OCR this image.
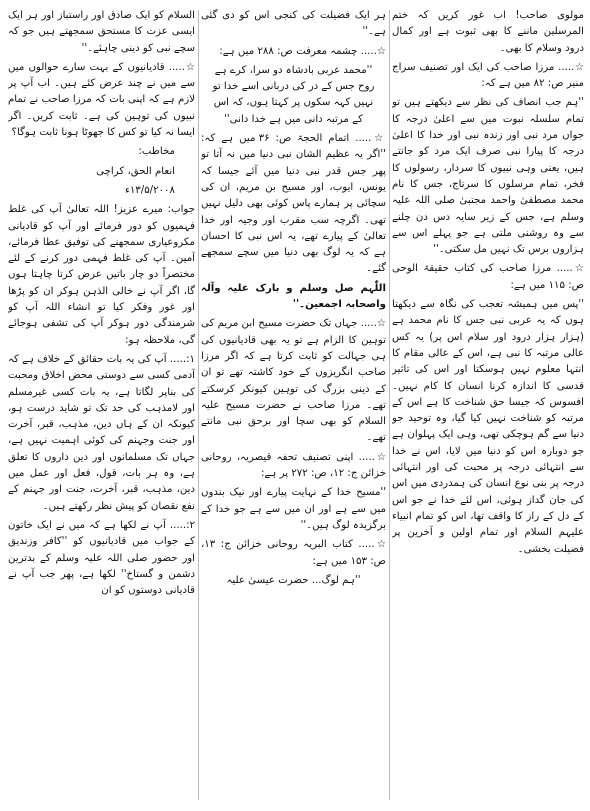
مولوی صاحب! اب غور کریں کہ ختم المرسلین ماننے کا بھی ثبوت ہے اور کمال درود وسلام کا بھی۔

☆..... مرزا صاحب کی ایک اور تصنیف سراج منیر ص: ۸۲ میں ہے کہ:

''ہم جب انصاف کی نظر سے دیکھتے ہیں تو تمام سلسلہ نبوت میں سے اعلیٰ درجہ کا جواں مرد نبی اور زندہ نبی اور خدا کا اعلیٰ درجہ کا پیارا نبی صرف ایک مرد کو جانتے ہیں، یعنی وہی نبیوں کا سردار، رسولوں کا فخر، تمام مرسلوں کا سرتاج، جس کا نام محمد مصطفیٰ واحمد مجتبیٰ صلی اللہ علیہ وسلم ہے، جس کے زیر سایہ دس دن چلنے سے وہ روشنی ملتی ہے جو پہلے اس سے ہزاروں برس تک نہیں مل سکتی۔''

☆..... مرزا صاحب کی کتاب حقیقۃ الوحی ص: ۱۱۵ میں ہے:

''پس میں ہمیشہ تعجب کی نگاہ سے دیکھتا ہوں کہ یہ عربی نبی جس کا نام محمد ہے (ہزار ہزار درود اور سلام اس پر) یہ کس عالی مرتبہ کا نبی ہے، اس کے عالی مقام کا انتہا معلوم نہیں ہوسکتا اور اس کی تاثیر قدسی کا اندازہ کرنا انسان کا کام نہیں۔ افسوس کہ جیسا حق شناخت کا ہے اس کے مرتبہ کو شناخت نہیں کیا گیا، وہ توحید جو دنیا سے گم ہوچکی تھی، وہی ایک پہلوان ہے جو دوبارہ اس کو دنیا میں لایا، اس نے خدا سے انتہائی درجہ پر محبت کی اور انتہائی درجہ پر بنی نوع انسان کی ہمدردی میں اس کی جان گداز ہوئی، اس لئے خدا نے جو اس کے دل کے راز کا واقف تھا، اس کو تمام انبیاء علیہم السلام اور تمام اولین و آخرین پر فضیلت بخشی۔

ہر ایک فضیلت کی کنجی اس کو دی گئی ہے۔''

☆..... چشمہ معرفت ص: ۲۸۸ میں ہے:

''محمد عربی بادشاہ دو سرا، کرے ہے روح جس کے در کی دربانی اسے خدا تو نہیں کہہ سکوں پر کہتا ہوں، کہ اس کے مرتبہ دانی میں ہے خدا دانی''

☆..... اتمام الحجۃ ص: ۳۶ میں ہے کہ: ''اگر یہ عظیم الشان نبی دنیا میں نہ آتا تو پھر جس قدر نبی دنیا میں آئے جیسا کہ یونس، ایوب، اور مسیح بن مریم، ان کی سچائی پر ہمارے پاس کوئی بھی دلیل نہیں تھی۔ اگرچہ سب مقرب اور وجیہ اور خدا تعالیٰ کے پیارے تھے، یہ اس نبی کا احسان ہے کہ یہ لوگ بھی دنیا میں سچے سمجھے گئے۔

اللّٰہم صل وسلم و بارک علیہ وآلہ واصحابہ اجمعین۔''

☆..... جہاں تک حضرت مسیح ابن مریم کی توہین کا الزام ہے تو یہ بھی قادیانیوں کی ہی جہالت کو ثابت کرتا ہے کہ اگر مرزا صاحب انگریزوں کے خود کاشتہ تھے تو ان کے دینی بزرگ کی توہین کیونکر کرسکتے تھے۔ مرزا صاحب نے حضرت مسیح علیہ السلام کو بھی سچا اور برحق نبی مانتے تھے۔

☆..... اپنی تصنیف تحفہ قیصریہ، روحانی خزائن ج: ۱۲، ص: ۲۷۲ پر ہے:

''مسیح خدا کے نہایت پیارے اور نیک بندوں میں سے ہے اور ان میں سے ہے جو خدا کے برگزیدہ لوگ ہیں۔''

☆..... کتاب البریہ روحانی خزائن ج: ۱۳، ص: ۱۵۳ میں ہے:

''ہم لوگ... حضرت عیسیٰ علیہ

السلام کو ایک صادق اور راستباز اور ہر ایک ایسی عزت کا مستحق سمجھتے ہیں جو کہ سچے نبی کو دینی چاہئے۔''

☆..... قادیانیوں کے بہت سارے حوالوں میں سے میں نے چند عرض کئے ہیں۔ اب آپ پر لازم ہے کہ اپنی بات کہ مرزا صاحب نے تمام نبیوں کی توہین کی ہے۔ ثابت کریں۔ اگر ایسا نہ کیا تو کس کا جھوٹا ہونا ثابت ہوگا؟

مخاطب:

انعام الحق، کراچی

۱۳/۵/۲۰۰۸ء

جواب: میرے عزیز! اللہ تعالیٰ آپ کی غلط فہمیوں کو دور فرمائے اور آپ کو قادیانی مکروعیاری سمجھنے کی توفیق عطا فرمائے، آمین۔ آپ کی غلط فہمی دور کرنے کے لئے مختصراً دو چار باتیں عرض کرتا چاہتا ہوں گا، اگر آپ نے خالی الذہن ہوکر ان کو پڑھا اور غور وفکر کیا تو انشاء اللہ آپ کو شرمندگی دور ہوکر آپ کی تشفی ہوجائے گی، ملاحظہ ہو:

۱:..... آپ کی یہ بات حقائق کے خلاف ہے کہ آدمی کسی سے دوستی محض اخلاق ومحبت کی بناپر لگاتا ہے، یہ بات کسی غیرمسلم اور لامذہب کی حد تک تو شاید درست ہو، کیونکہ ان کے ہاں دین، مذہب، قبر، آخرت اور جنت وجہنم کی کوئی اہمیت نہیں ہے، جہاں تک مسلمانوں اور دین داروں کا تعلق ہے، وہ ہر بات، قول، فعل اور عمل میں دین، مذہب، قبر، آخرت، جنت اور جہنم کے نفع نقصان کو پیش نظر رکھتے ہیں۔

۲:..... آپ نے لکھا ہے کہ میں نے ایک خاتون کے جواب میں قادیانیوں کو ''کافر وزندیق اور حضور صلی اللہ علیہ وسلم کے بدترین دشمن و گستاخ'' لکھا ہے، پھر جب آپ نے قادیانی دوستوں کو ان
